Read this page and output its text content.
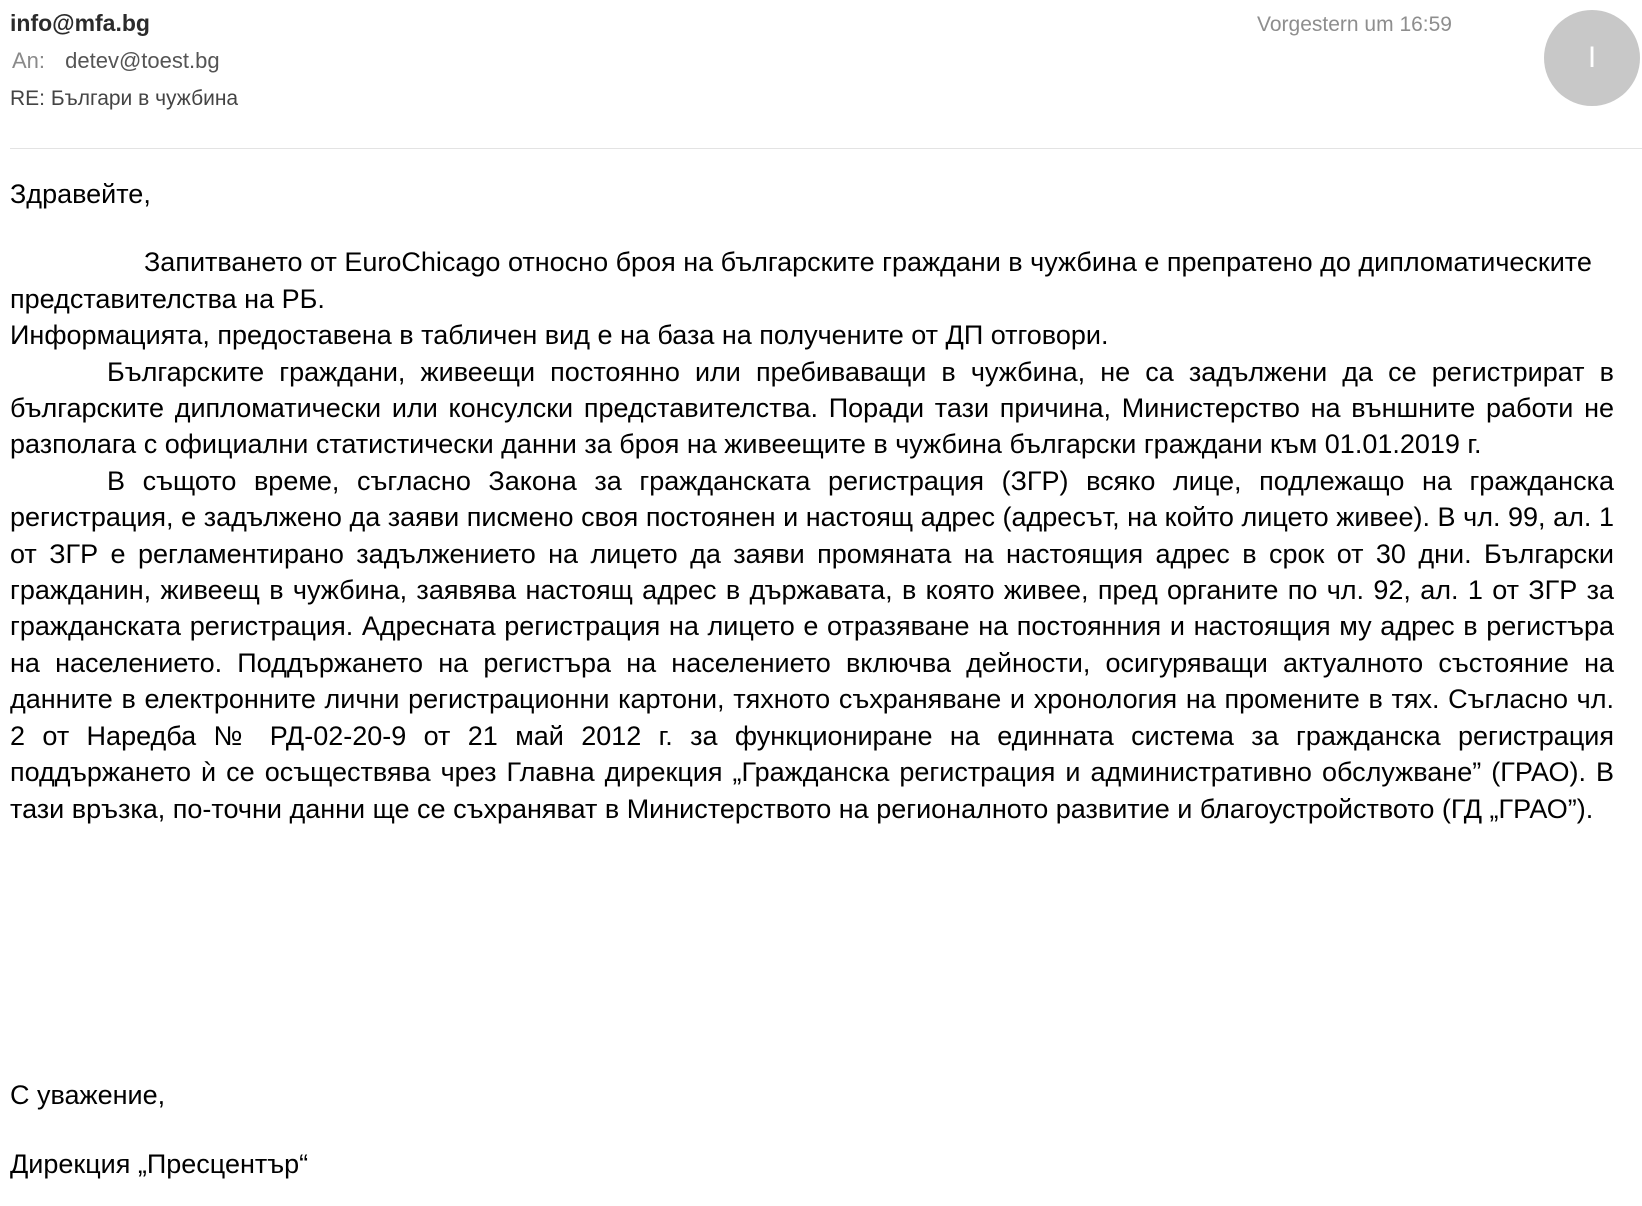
info@mfa.bg
An: detev@toest.bg
RE: Българи в чужбина
Vorgestern um 16:59
I

Здравейте,

Запитването от EuroChicago относно броя на българските граждани в чужбина е препратено до дипломатическите представителства на РБ.

Информацията, предоставена в табличен вид е на база на получените от ДП отговори.

Българските граждани, живеещи постоянно или пребиваващи в чужбина, не са задължени да се регистрират в българските дипломатически или консулски представителства. Поради тази причина, Министерство на външните работи не разполага с официални статистически данни за броя на живеещите в чужбина български граждани към 01.01.2019 г.

В същото време, съгласно Закона за гражданската регистрация (ЗГР) всяко лице, подлежащо на гражданска регистрация, е задължено да заяви писмено своя постоянен и настоящ адрес (адресът, на който лицето живее). В чл. 99, ал. 1 от ЗГР е регламентирано задължението на лицето да заяви промяната на настоящия адрес в срок от 30 дни. Български гражданин, живеещ в чужбина, заявява настоящ адрес в държавата, в която живее, пред органите по чл. 92, ал. 1 от ЗГР за гражданската регистрация. Адресната регистрация на лицето е отразяване на постоянния и настоящия му адрес в регистъра на населението. Поддържането на регистъра на населението включва дейности, осигуряващи актуалното състояние на данните в електронните лични регистрационни картони, тяхното съхраняване и хронология на промените в тях. Съгласно чл. 2 от Наредба № РД-02-20-9 от 21 май 2012 г. за функциониране на единната система за гражданска регистрация поддържането ѝ се осъществява чрез Главна дирекция „Гражданска регистрация и административно обслужване” (ГРАО). В тази връзка, по-точни данни ще се съхраняват в Министерството на регионалното развитие и благоустройството (ГД „ГРАО”).

С уважение,
Дирекция „Пресцентър“
